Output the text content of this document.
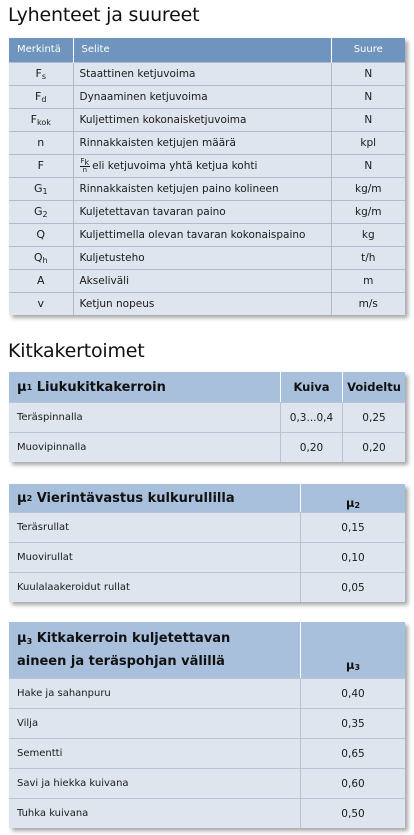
Lyhenteet ja suureet
Merkintä	Selite	Suure
$F_s$	Staattinen ketjuvoima	N
$F_d$	Dynaaminen ketjuvoima	N
$F_{kok}$	Kuljettimen kokonaisketjuvoima	N
n	Rinnakkaisten ketjujen määrä	kpl
F	$\frac{F_k}{n}$ eli ketjuvoima yhtä ketjua kohti	N
$G_1$	Rinnakkaisten ketjujen paino kolineen	kg/m
$G_2$	Kuljetettavan tavaran paino	kg/m
Q	Kuljettimella olevan tavaran kokonaispaino	kg
$Q_h$	Kuljetusteho	t/h
A	Akseliväli	m
v	Ketjun nopeus	m/s
Kitkakertoimet
μ 1
Liukukitkakerroin	Kuiva	Voideltu
Teräspinnalla	0,3...0,4	0,25
Muovipinnalla	0,20	0,20
μ 2
Vierintävastus kulkurullilla	$\mu_2$
Teräsrullat	0,15
Muovirullat	0,10
Kuulalaakeroidut rullat	0,05
$\mu_3$ Kitkakerroin kuljetettavan
aineen ja teräspohjan välillä	$\mu_3$
Hake ja sahanpuru	0,40
Vilja	0,35
Sementti	0,65
Savi ja hiekka kuivana	0,60
Tuhka kuivana	0,50
